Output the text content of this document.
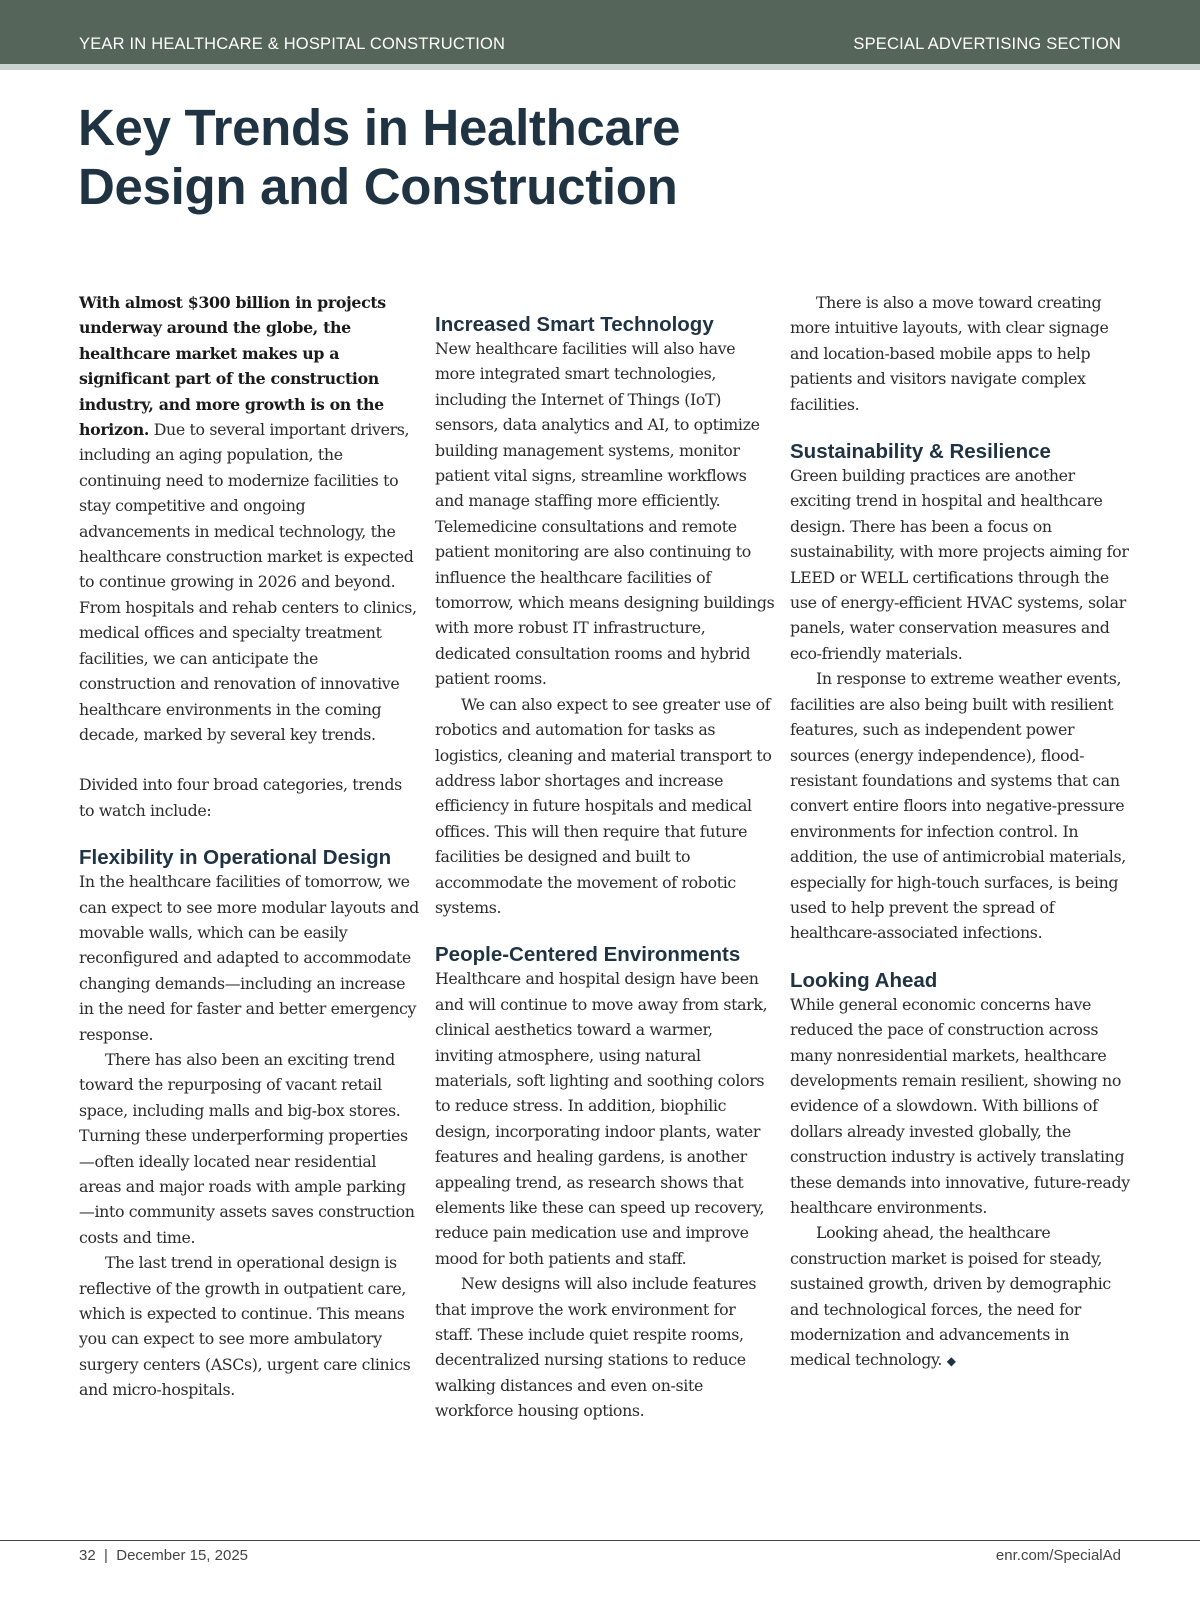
YEAR IN HEALTHCARE & HOSPITAL CONSTRUCTION	SPECIAL ADVERTISING SECTION
Key Trends in Healthcare
Design and Construction

With almost $300 billion in projects underway around the globe, the healthcare market makes up a significant part of the construction industry, and more growth is on the horizon. Due to several important drivers, including an aging population, the continuing need to modernize facilities to stay competitive and ongoing advancements in medical technology, the healthcare construction market is expected to continue growing in 2026 and beyond. From hospitals and rehab centers to clinics, medical offices and specialty treatment facilities, we can anticipate the construction and renovation of innovative healthcare environments in the coming decade, marked by several key trends.

Divided into four broad categories, trends to watch include:

Flexibility in Operational Design

In the healthcare facilities of tomorrow, we can expect to see more modular layouts and movable walls, which can be easily reconfigured and adapted to accommodate changing demands—including an increase in the need for faster and better emergency response.

There has also been an exciting trend toward the repurposing of vacant retail space, including malls and big-box stores. Turning these underperforming properties—often ideally located near residential areas and major roads with ample parking—into community assets saves construction costs and time.

The last trend in operational design is reflective of the growth in outpatient care, which is expected to continue. This means you can expect to see more ambulatory surgery centers (ASCs), urgent care clinics and micro-hospitals.

Increased Smart Technology

New healthcare facilities will also have more integrated smart technologies, including the Internet of Things (IoT) sensors, data analytics and AI, to optimize building management systems, monitor patient vital signs, streamline workflows and manage staffing more efficiently. Telemedicine consultations and remote patient monitoring are also continuing to influence the healthcare facilities of tomorrow, which means designing buildings with more robust IT infrastructure, dedicated consultation rooms and hybrid patient rooms.

We can also expect to see greater use of robotics and automation for tasks as logistics, cleaning and material transport to address labor shortages and increase efficiency in future hospitals and medical offices. This will then require that future facilities be designed and built to accommodate the movement of robotic systems.

People-Centered Environments

Healthcare and hospital design have been and will continue to move away from stark, clinical aesthetics toward a warmer, inviting atmosphere, using natural materials, soft lighting and soothing colors to reduce stress. In addition, biophilic design, incorporating indoor plants, water features and healing gardens, is another appealing trend, as research shows that elements like these can speed up recovery, reduce pain medication use and improve mood for both patients and staff.

New designs will also include features that improve the work environment for staff. These include quiet respite rooms, decentralized nursing stations to reduce walking distances and even on-site workforce housing options.

There is also a move toward creating more intuitive layouts, with clear signage and location-based mobile apps to help patients and visitors navigate complex facilities.

Sustainability & Resilience

Green building practices are another exciting trend in hospital and healthcare design. There has been a focus on sustainability, with more projects aiming for LEED or WELL certifications through the use of energy-efficient HVAC systems, solar panels, water conservation measures and eco-friendly materials.

In response to extreme weather events, facilities are also being built with resilient features, such as independent power sources (energy independence), flood-resistant foundations and systems that can convert entire floors into negative-pressure environments for infection control. In addition, the use of antimicrobial materials, especially for high-touch surfaces, is being used to help prevent the spread of healthcare-associated infections.

Looking Ahead

While general economic concerns have reduced the pace of construction across many nonresidential markets, healthcare developments remain resilient, showing no evidence of a slowdown. With billions of dollars already invested globally, the construction industry is actively translating these demands into innovative, future-ready healthcare environments.

Looking ahead, the healthcare construction market is poised for steady, sustained growth, driven by demographic and technological forces, the need for modernization and advancements in medical technology. ◆

32  |  December 15, 2025	enr.com/SpecialAd
